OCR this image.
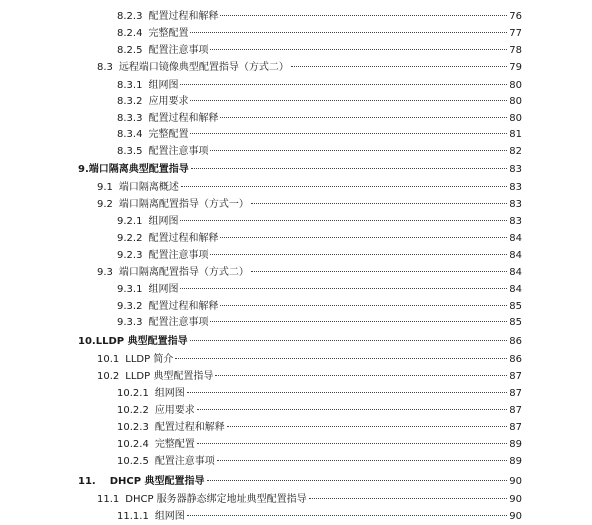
8.2.3 配置过程和解释	76
8.2.4 完整配置	77
8.2.5 配置注意事项	78
8.3 远程端口镜像典型配置指导（方式二）	79
8.3.1 组网图	80
8.3.2 应用要求	80
8.3.3 配置过程和解释	80
8.3.4 完整配置	81
8.3.5 配置注意事项	82
9. 端口隔离典型配置指导	83
9.1 端口隔离概述	83
9.2 端口隔离配置指导（方式一）	83
9.2.1 组网图	83
9.2.2 配置过程和解释	84
9.2.3 配置注意事项	84
9.3 端口隔离配置指导（方式二）	84
9.3.1 组网图	84
9.3.2 配置过程和解释	85
9.3.3 配置注意事项	85
10. LLDP 典型配置指导	86
10.1 LLDP 简介	86
10.2 LLDP 典型配置指导	87
10.2.1 组网图	87
10.2.2 应用要求	87
10.2.3 配置过程和解释	87
10.2.4 完整配置	89
10.2.5 配置注意事项	89
11. DHCP 典型配置指导	90
11.1 DHCP 服务器静态绑定地址典型配置指导	90
11.1.1 组网图	90
